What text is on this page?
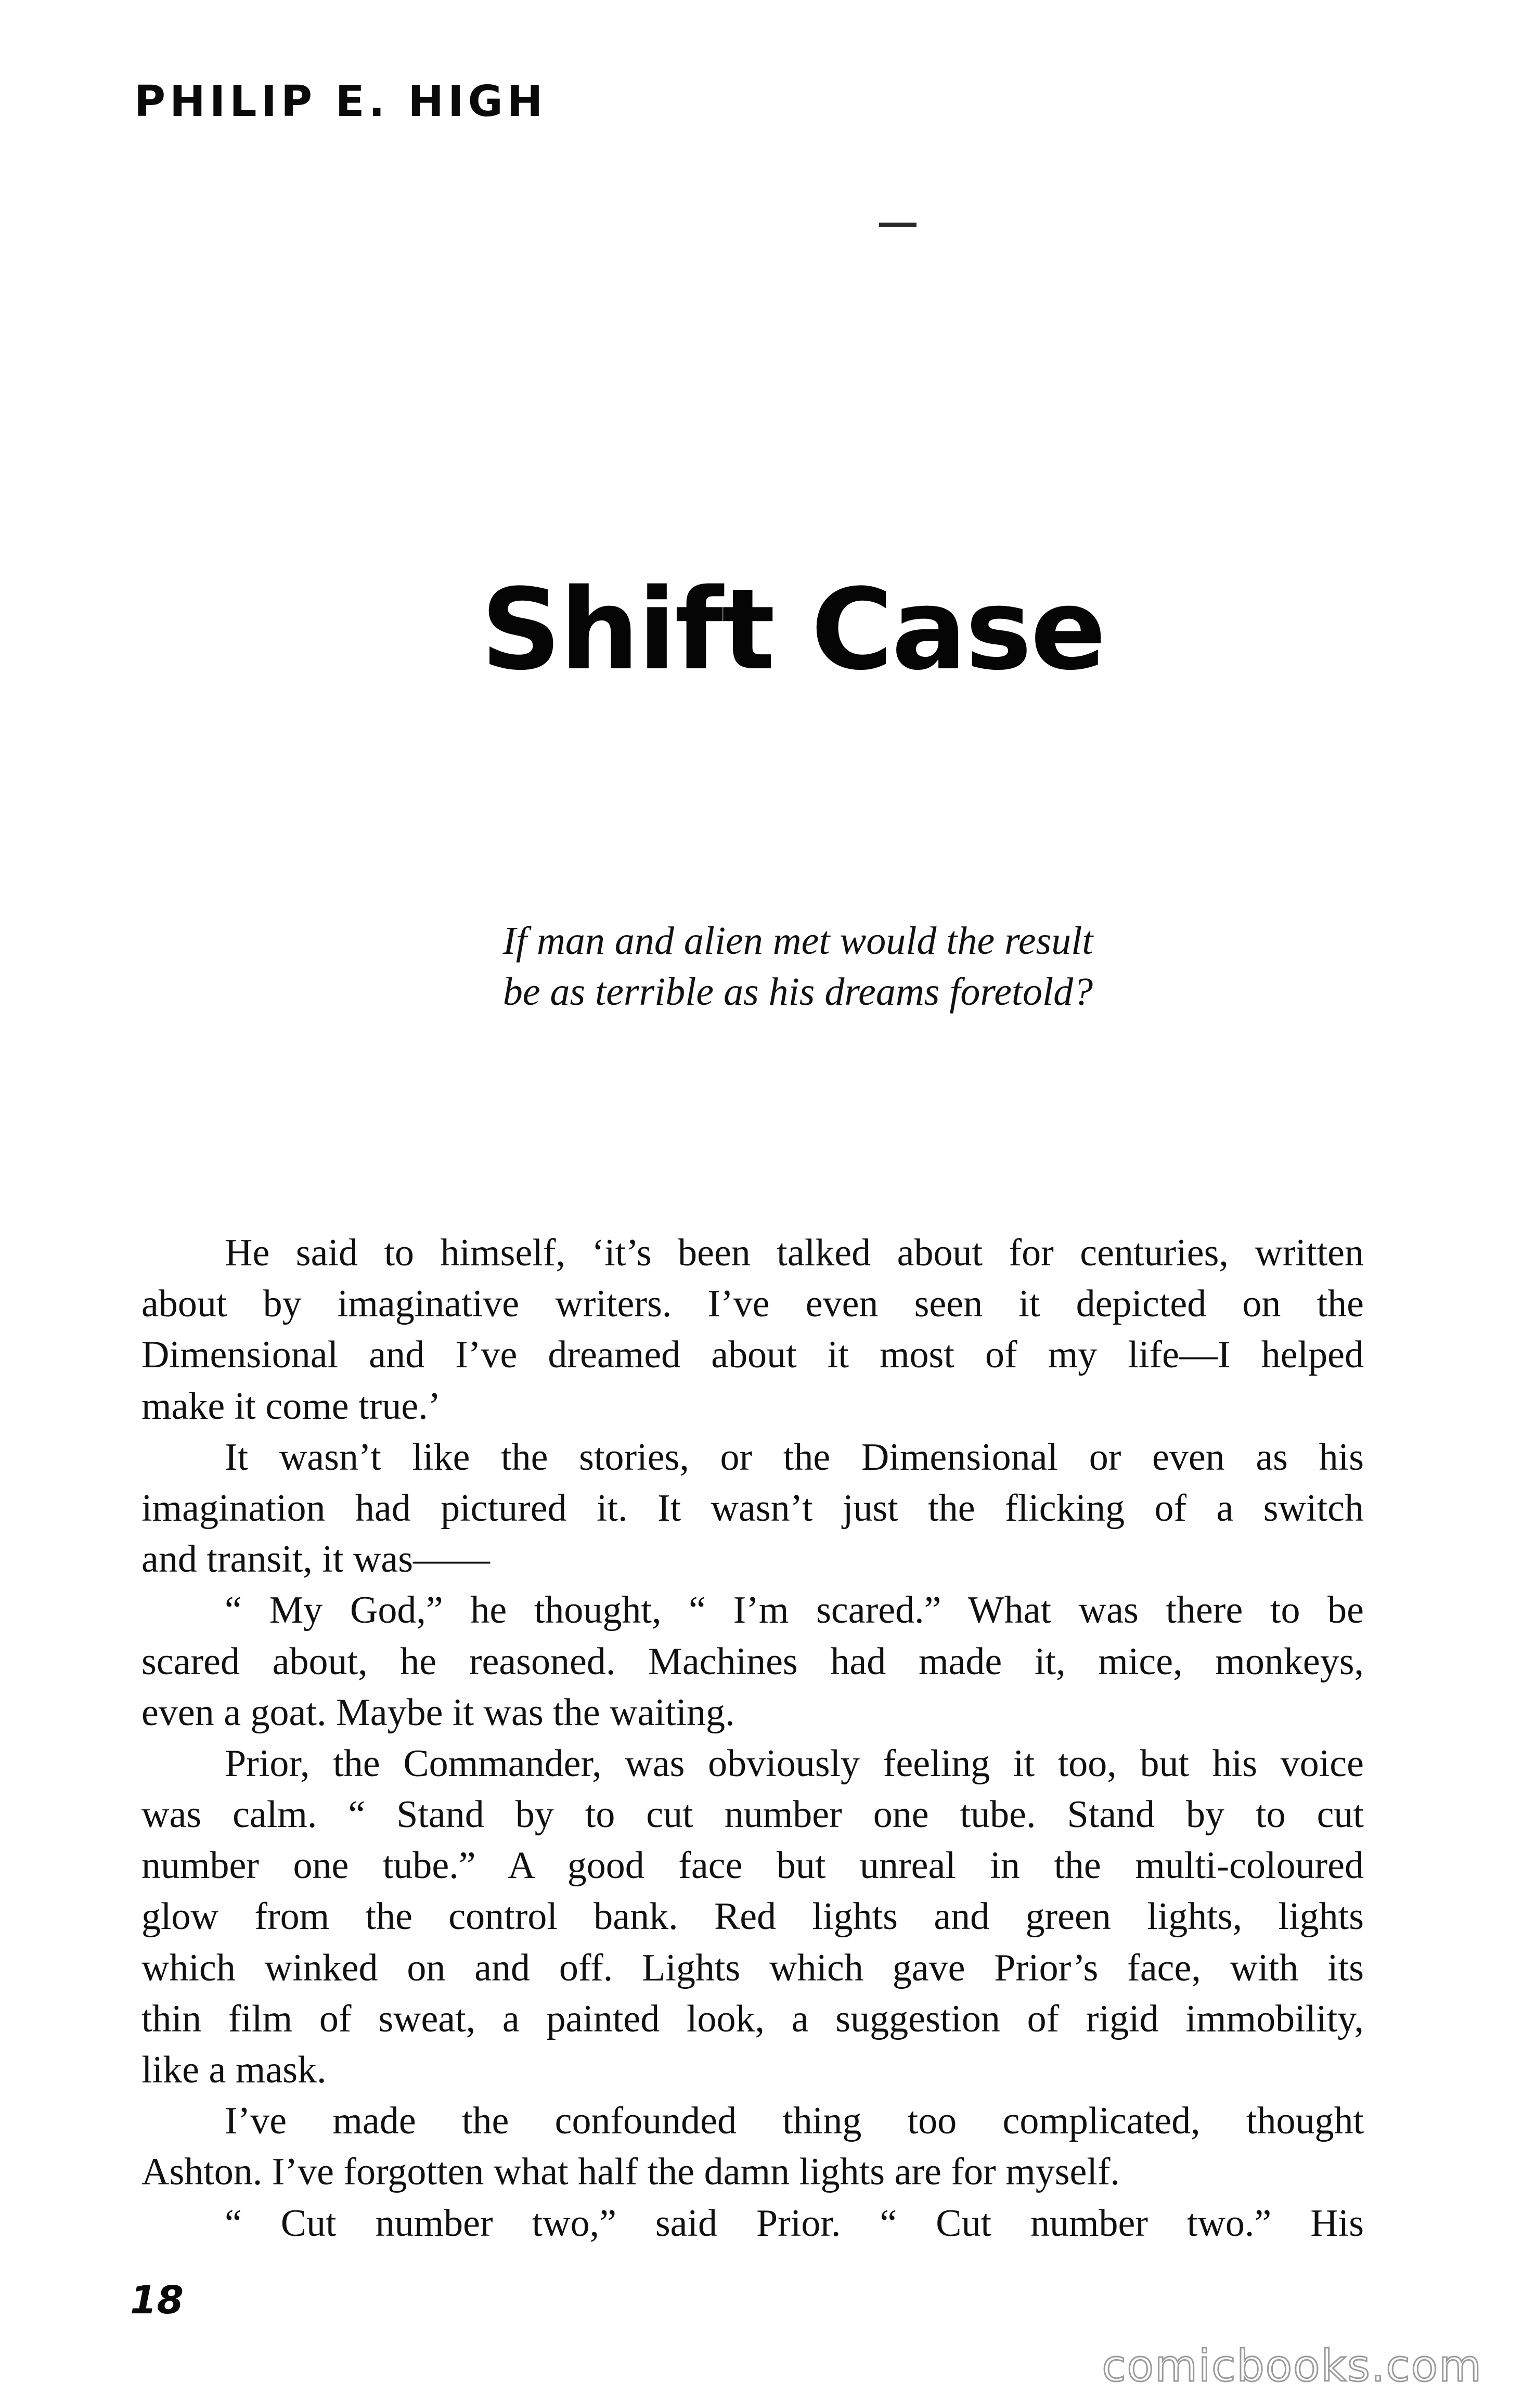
PHILIP E. HIGH
Shift Case
If man and alien met would the result
be as terrible as his dreams foretold?
He said to himself, ‘it’s been talked about for centuries, written
about by imaginative writers. I’ve even seen it depicted on the
Dimensional and I’ve dreamed about it most of my life—I helped
make it come true.’
It wasn’t like the stories, or the Dimensional or even as his
imagination had pictured it. It wasn’t just the flicking of a switch
and transit, it was——
“ My God,” he thought, “ I’m scared.” What was there to be
scared about, he reasoned. Machines had made it, mice, monkeys,
even a goat. Maybe it was the waiting.
Prior, the Commander, was obviously feeling it too, but his voice
was calm. “ Stand by to cut number one tube. Stand by to cut
number one tube.” A good face but unreal in the multi-coloured
glow from the control bank. Red lights and green lights, lights
which winked on and off. Lights which gave Prior’s face, with its
thin film of sweat, a painted look, a suggestion of rigid immobility,
like a mask.
I’ve made the confounded thing too complicated, thought
Ashton. I’ve forgotten what half the damn lights are for myself.
“ Cut number two,” said Prior. “ Cut number two.” His
18
comicbooks.com
